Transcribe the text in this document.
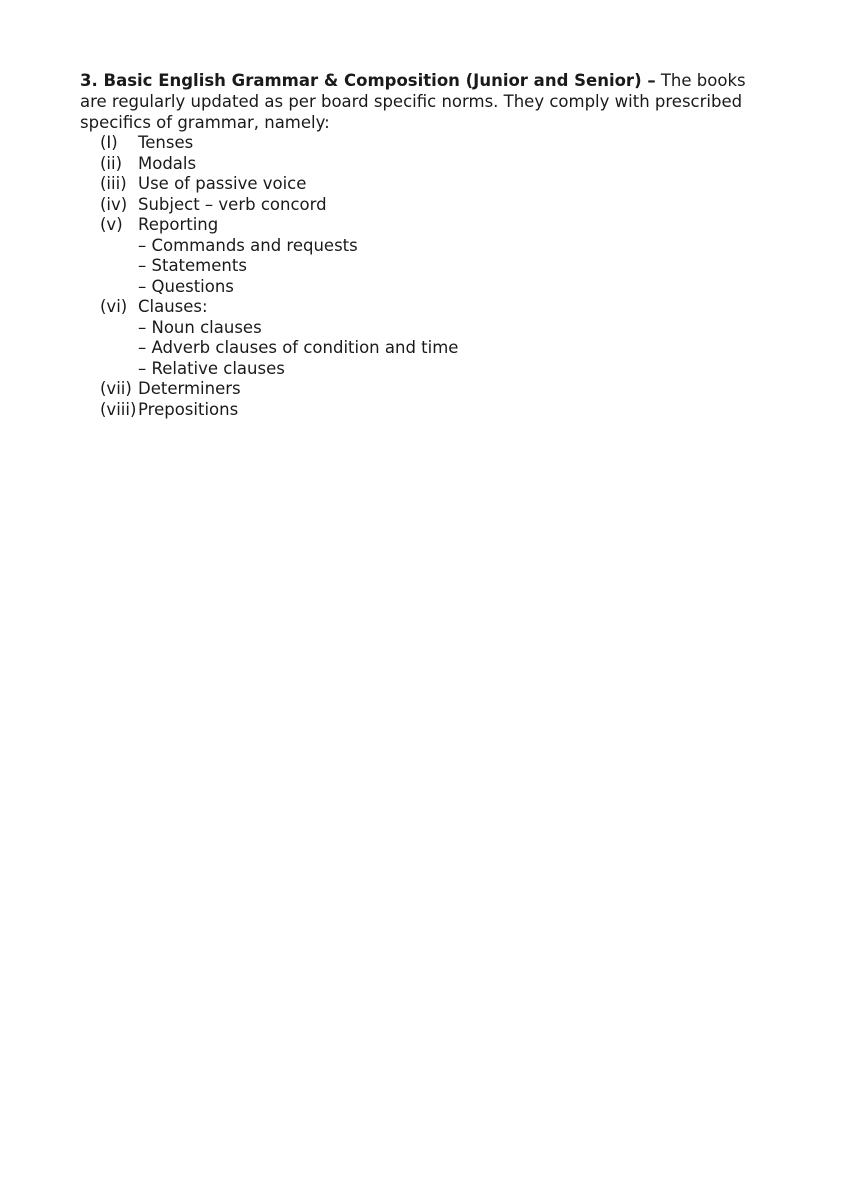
3. Basic English Grammar & Composition (Junior and Senior) – The books are regularly updated as per board specific norms. They comply with prescribed specifics of grammar, namely:

(I) Tenses
(ii) Modals
(iii) Use of passive voice
(iv) Subject – verb concord
(v) Reporting
– Commands and requests
– Statements
– Questions
(vi) Clauses:
– Noun clauses
– Adverb clauses of condition and time
– Relative clauses
(vii) Determiners
(viii)Prepositions
